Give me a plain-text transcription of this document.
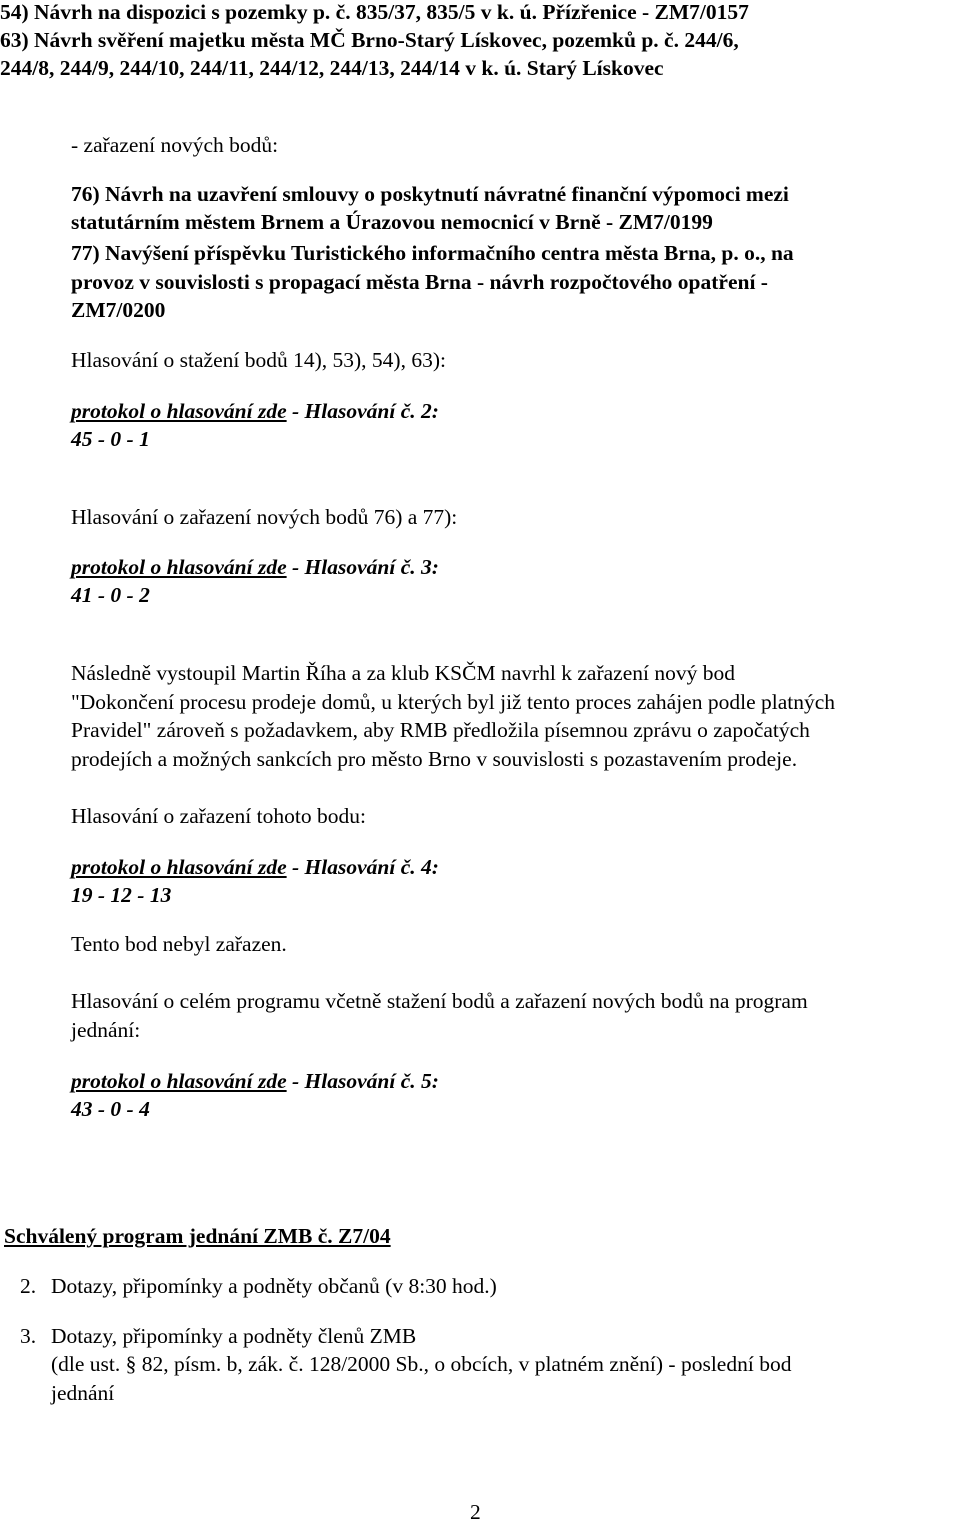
54) Návrh na dispozici s pozemky p. č. 835/37, 835/5 v k. ú. Přízřenice - ZM7/0157
63) Návrh svěření majetku města MČ Brno-Starý Lískovec, pozemků p. č. 244/6,
244/8, 244/9, 244/10, 244/11, 244/12, 244/13, 244/14 v k. ú. Starý Lískovec
- zařazení nových bodů:
76) Návrh na uzavření smlouvy o poskytnutí návratné finanční výpomoci mezi
statutárním městem Brnem a Úrazovou nemocnicí v Brně - ZM7/0199
77) Navýšení příspěvku Turistického informačního centra města Brna, p. o., na
provoz v souvislosti s propagací města Brna - návrh rozpočtového opatření -
ZM7/0200
Hlasování o stažení bodů 14), 53), 54), 63):
protokol o hlasování zde - Hlasování č. 2:
45 - 0 - 1
Hlasování o zařazení nových bodů 76) a 77):
protokol o hlasování zde - Hlasování č. 3:
41 - 0 - 2
Následně vystoupil Martin Říha a za klub KSČM navrhl k zařazení nový bod
"Dokončení procesu prodeje domů, u kterých byl již tento proces zahájen podle platných
Pravidel" zároveň s požadavkem, aby RMB předložila písemnou zprávu o započatých
prodejích a možných sankcích pro město Brno v souvislosti s pozastavením prodeje.
Hlasování o zařazení tohoto bodu:
protokol o hlasování zde - Hlasování č. 4:
19 - 12 - 13
Tento bod nebyl zařazen.
Hlasování o celém programu včetně stažení bodů a zařazení nových bodů na program
jednání:
protokol o hlasování zde - Hlasování č. 5:
43 - 0 - 4
Schválený program jednání ZMB č. Z7/04
2. Dotazy, připomínky a podněty občanů (v 8:30 hod.)
3. Dotazy, připomínky a podněty členů ZMB
(dle ust. § 82, písm. b, zák. č. 128/2000 Sb., o obcích, v platném znění) - poslední bod
jednání
2
